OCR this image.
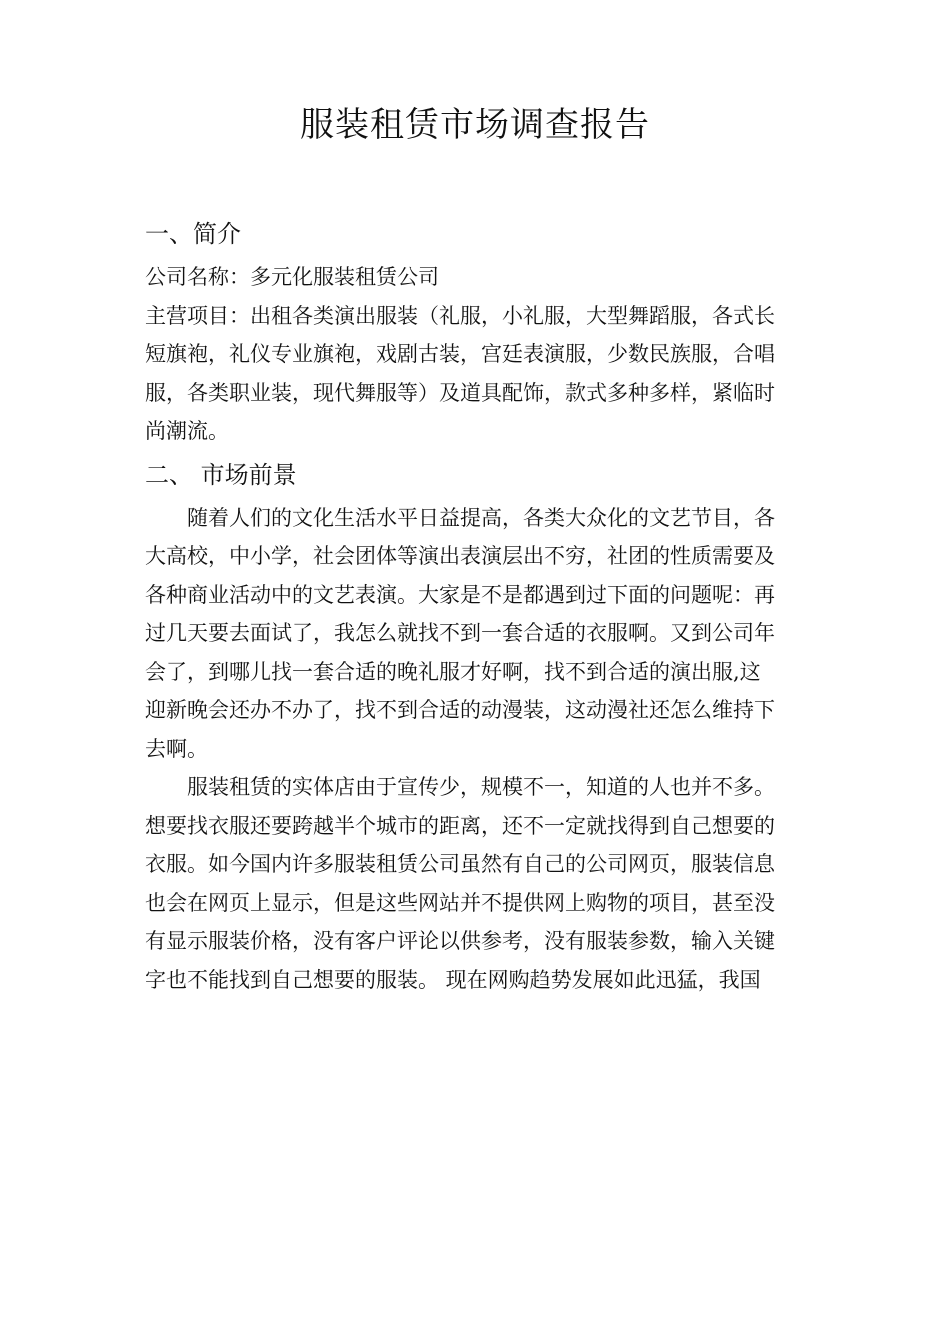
服装租赁市场调查报告
一、简介

公司名称：多元化服装租赁公司

主营项目：出租各类演出服装（礼服，小礼服，大型舞蹈服，各式长
短旗袍，礼仪专业旗袍，戏剧古装，宫廷表演服，少数民族服，合唱
服，各类职业装，现代舞服等）及道具配饰，款式多种多样，紧临时
尚潮流。

二、 市场前景

随着人们的文化生活水平日益提高，各类大众化的文艺节目，各
大高校，中小学，社会团体等演出表演层出不穷，社团的性质需要及
各种商业活动中的文艺表演。大家是不是都遇到过下面的问题呢：再
过几天要去面试了，我怎么就找不到一套合适的衣服啊。又到公司年
会了，到哪儿找一套合适的晚礼服才好啊，找不到合适的演出服,这
迎新晚会还办不办了，找不到合适的动漫装，这动漫社还怎么维持下
去啊。

服装租赁的实体店由于宣传少，规模不一，知道的人也并不多。
想要找衣服还要跨越半个城市的距离，还不一定就找得到自己想要的
衣服。如今国内许多服装租赁公司虽然有自己的公司网页，服装信息
也会在网页上显示，但是这些网站并不提供网上购物的项目，甚至没
有显示服装价格，没有客户评论以供参考，没有服装参数，输入关键
字也不能找到自己想要的服装。 现在网购趋势发展如此迅猛，我国
